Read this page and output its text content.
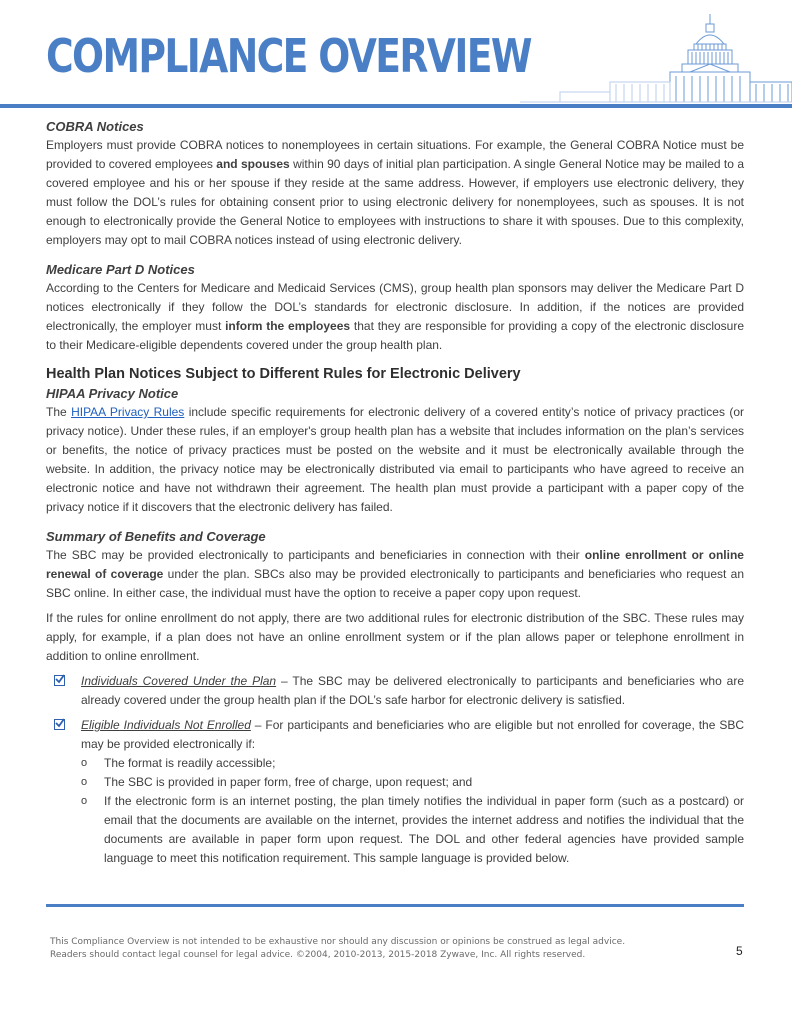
COMPLIANCE OVERVIEW
COBRA Notices

Employers must provide COBRA notices to nonemployees in certain situations. For example, the General COBRA Notice must be provided to covered employees and spouses within 90 days of initial plan participation. A single General Notice may be mailed to a covered employee and his or her spouse if they reside at the same address. However, if employers use electronic delivery, they must follow the DOL’s rules for obtaining consent prior to using electronic delivery for nonemployees, such as spouses. It is not enough to electronically provide the General Notice to employees with instructions to share it with spouses. Due to this complexity, employers may opt to mail COBRA notices instead of using electronic delivery.

Medicare Part D Notices

According to the Centers for Medicare and Medicaid Services (CMS), group health plan sponsors may deliver the Medicare Part D notices electronically if they follow the DOL’s standards for electronic disclosure. In addition, if the notices are provided electronically, the employer must inform the employees that they are responsible for providing a copy of the electronic disclosure to their Medicare-eligible dependents covered under the group health plan.

Health Plan Notices Subject to Different Rules for Electronic Delivery
HIPAA Privacy Notice

The HIPAA Privacy Rules include specific requirements for electronic delivery of a covered entity’s notice of privacy practices (or privacy notice). Under these rules, if an employer's group health plan has a website that includes information on the plan’s services or benefits, the notice of privacy practices must be posted on the website and it must be electronically available through the website. In addition, the privacy notice may be electronically distributed via email to participants who have agreed to receive an electronic notice and have not withdrawn their agreement. The health plan must provide a participant with a paper copy of the privacy notice if it discovers that the electronic delivery has failed.

Summary of Benefits and Coverage

The SBC may be provided electronically to participants and beneficiaries in connection with their online enrollment or online renewal of coverage under the plan. SBCs also may be provided electronically to participants and beneficiaries who request an SBC online. In either case, the individual must have the option to receive a paper copy upon request.

If the rules for online enrollment do not apply, there are two additional rules for electronic distribution of the SBC. These rules may apply, for example, if a plan does not have an online enrollment system or if the plan allows paper or telephone enrollment in addition to online enrollment.

Individuals Covered Under the Plan – The SBC may be delivered electronically to participants and beneficiaries who are already covered under the group health plan if the DOL’s safe harbor for electronic delivery is satisfied.

Eligible Individuals Not Enrolled – For participants and beneficiaries who are eligible but not enrolled for coverage, the SBC may be provided electronically if:

o The format is readily accessible;
o The SBC is provided in paper form, free of charge, upon request; and
o If the electronic form is an internet posting, the plan timely notifies the individual in paper form (such as a postcard) or email that the documents are available on the internet, provides the internet address and notifies the individual that the documents are available in paper form upon request. The DOL and other federal agencies have provided sample language to meet this notification requirement. This sample language is provided below.
This Compliance Overview is not intended to be exhaustive nor should any discussion or opinions be construed as legal advice. Readers should contact legal counsel for legal advice. ©2004, 2010-2013, 2015-2018 Zywave, Inc. All rights reserved.	5
